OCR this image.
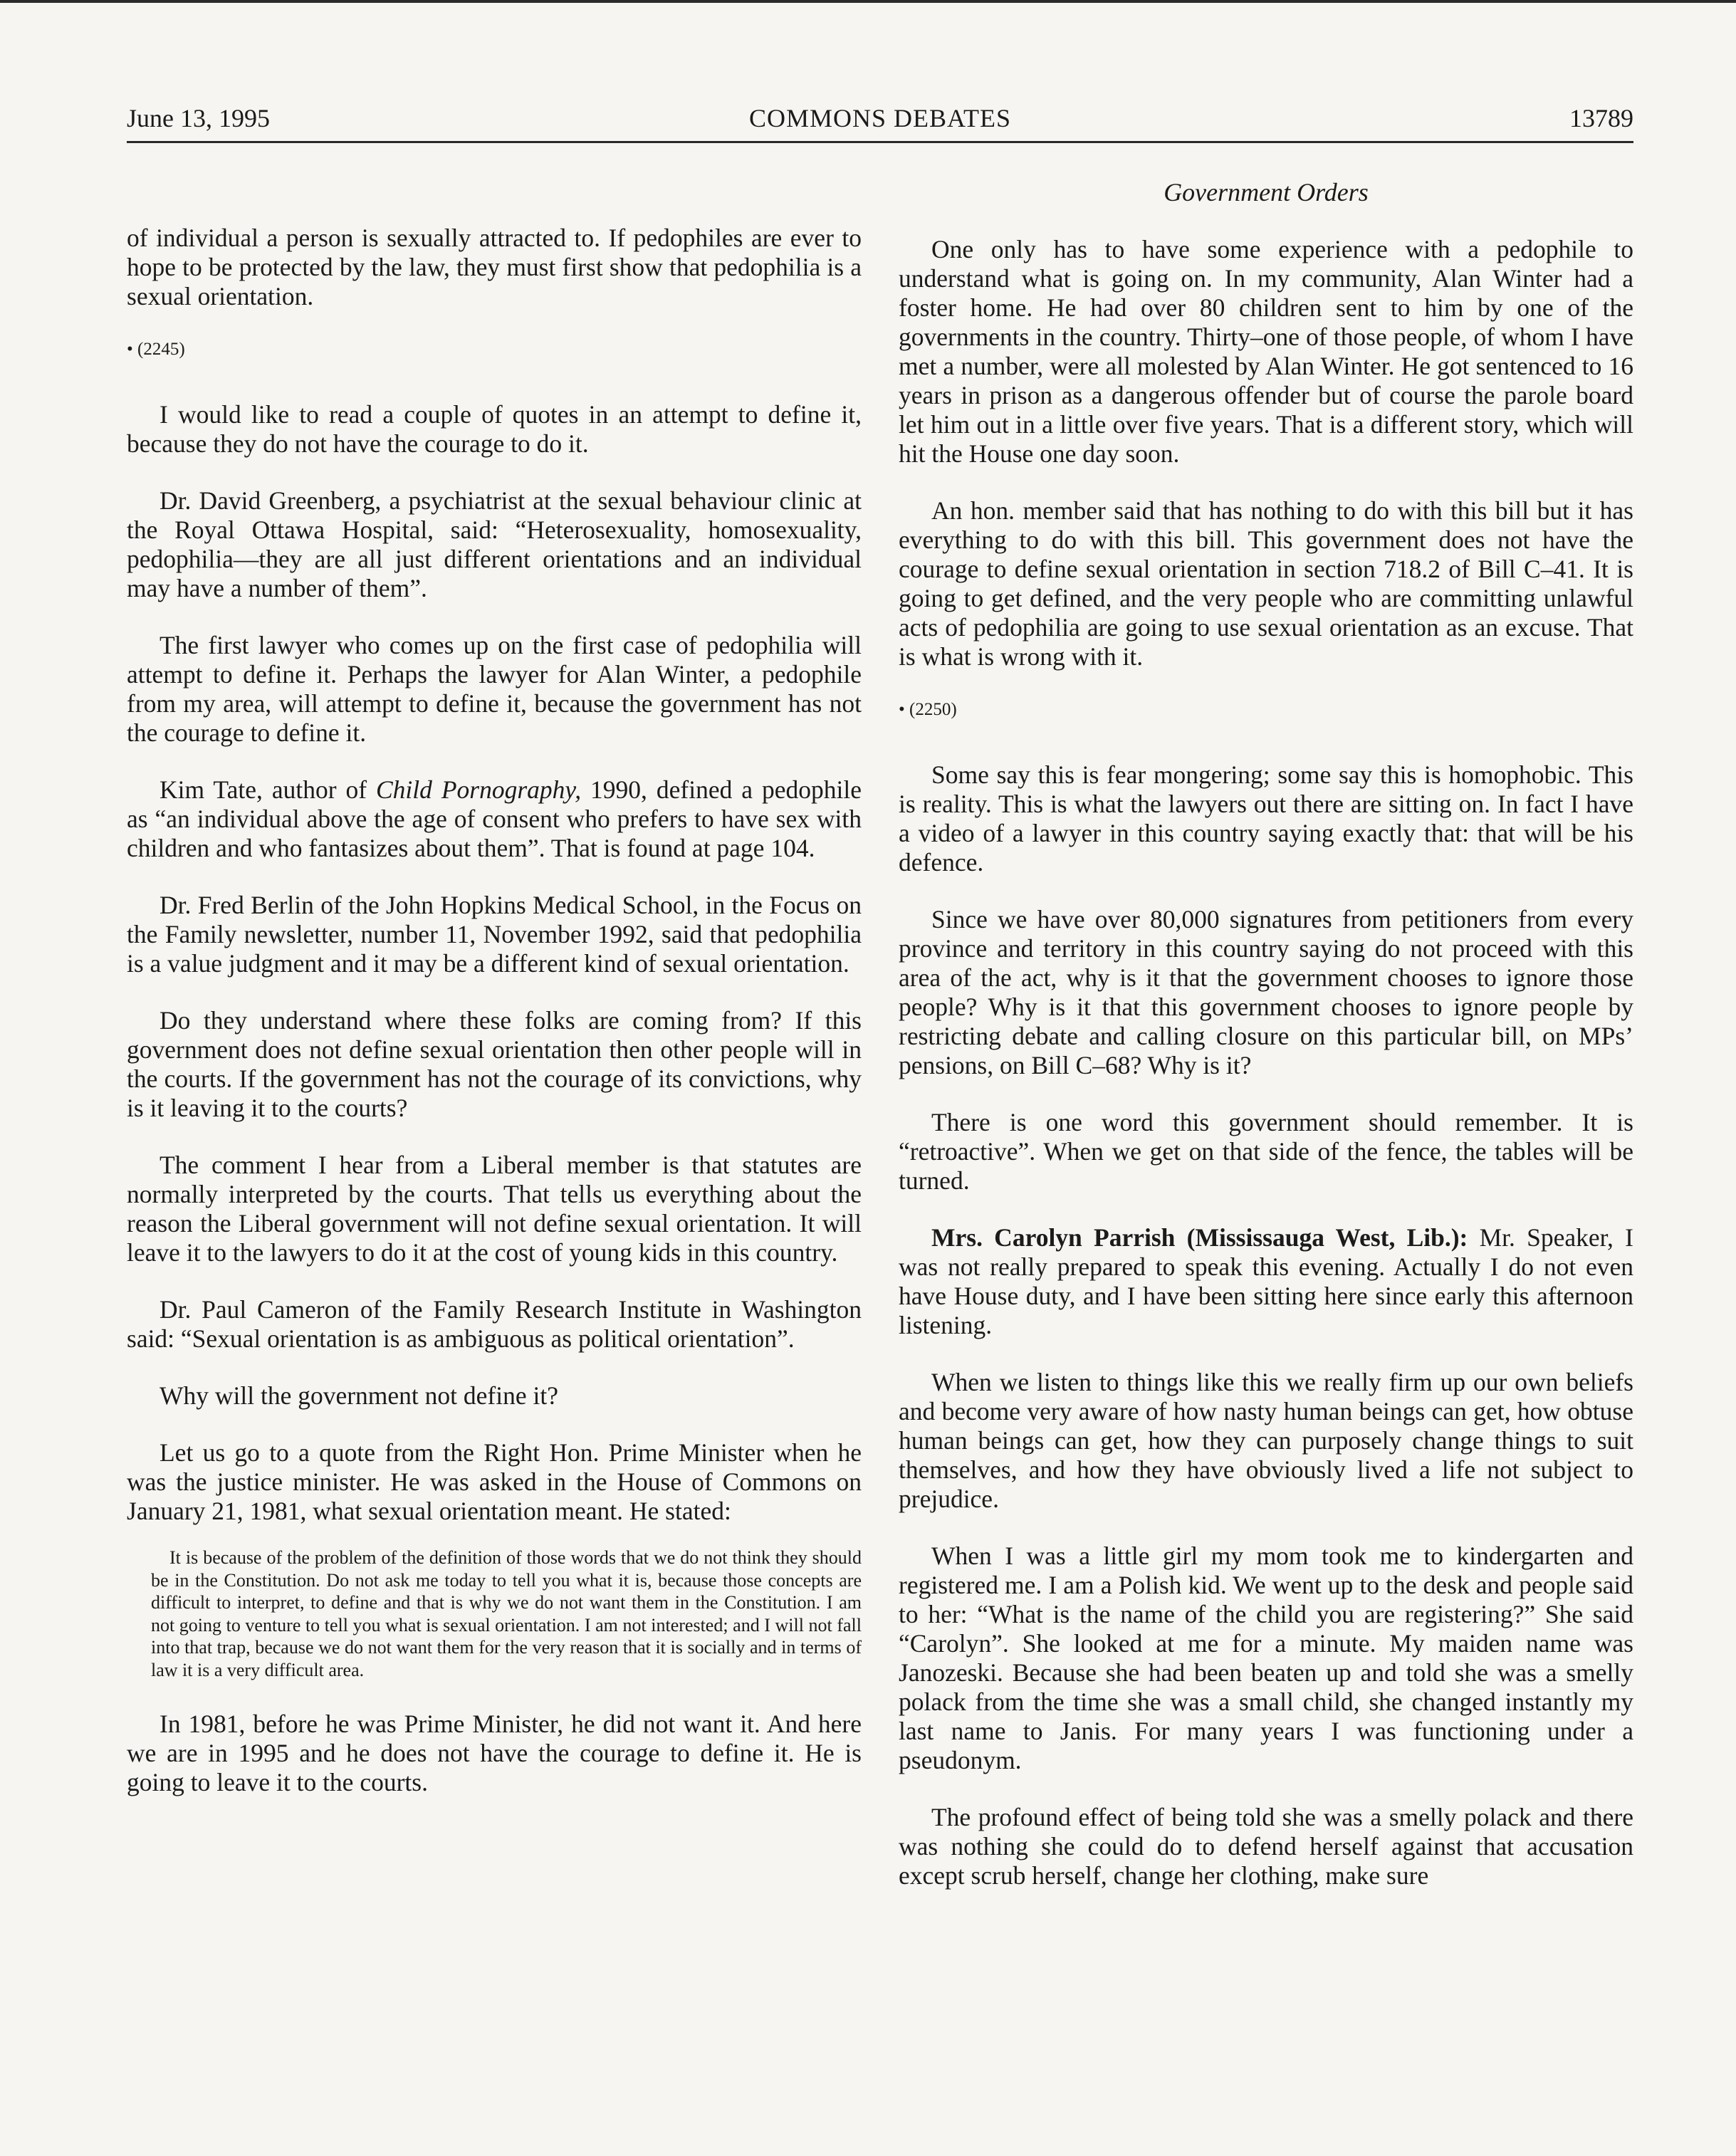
June 13, 1995	COMMONS DEBATES	13789
Government Orders

of individual a person is sexually attracted to. If pedophiles are ever to hope to be protected by the law, they must first show that pedophilia is a sexual orientation.

• (2245)

I would like to read a couple of quotes in an attempt to define it, because they do not have the courage to do it.

Dr. David Greenberg, a psychiatrist at the sexual behaviour clinic at the Royal Ottawa Hospital, said: “Heterosexuality, homosexuality, pedophilia—they are all just different orientations and an individual may have a number of them”.

The first lawyer who comes up on the first case of pedophilia will attempt to define it. Perhaps the lawyer for Alan Winter, a pedophile from my area, will attempt to define it, because the government has not the courage to define it.

Kim Tate, author of Child Pornography, 1990, defined a pedophile as “an individual above the age of consent who prefers to have sex with children and who fantasizes about them”. That is found at page 104.

Dr. Fred Berlin of the John Hopkins Medical School, in the Focus on the Family newsletter, number 11, November 1992, said that pedophilia is a value judgment and it may be a different kind of sexual orientation.

Do they understand where these folks are coming from? If this government does not define sexual orientation then other people will in the courts. If the government has not the courage of its convictions, why is it leaving it to the courts?

The comment I hear from a Liberal member is that statutes are normally interpreted by the courts. That tells us everything about the reason the Liberal government will not define sexual orientation. It will leave it to the lawyers to do it at the cost of young kids in this country.

Dr. Paul Cameron of the Family Research Institute in Washington said: “Sexual orientation is as ambiguous as political orientation”.

Why will the government not define it?

Let us go to a quote from the Right Hon. Prime Minister when he was the justice minister. He was asked in the House of Commons on January 21, 1981, what sexual orientation meant. He stated:

It is because of the problem of the definition of those words that we do not think they should be in the Constitution. Do not ask me today to tell you what it is, because those concepts are difficult to interpret, to define and that is why we do not want them in the Constitution. I am not going to venture to tell you what is sexual orientation. I am not interested; and I will not fall into that trap, because we do not want them for the very reason that it is socially and in terms of law it is a very difficult area.

In 1981, before he was Prime Minister, he did not want it. And here we are in 1995 and he does not have the courage to define it. He is going to leave it to the courts.

One only has to have some experience with a pedophile to understand what is going on. In my community, Alan Winter had a foster home. He had over 80 children sent to him by one of the governments in the country. Thirty–one of those people, of whom I have met a number, were all molested by Alan Winter. He got sentenced to 16 years in prison as a dangerous offender but of course the parole board let him out in a little over five years. That is a different story, which will hit the House one day soon.

An hon. member said that has nothing to do with this bill but it has everything to do with this bill. This government does not have the courage to define sexual orientation in section 718.2 of Bill C–41. It is going to get defined, and the very people who are committing unlawful acts of pedophilia are going to use sexual orientation as an excuse. That is what is wrong with it.

• (2250)

Some say this is fear mongering; some say this is homophobic. This is reality. This is what the lawyers out there are sitting on. In fact I have a video of a lawyer in this country saying exactly that: that will be his defence.

Since we have over 80,000 signatures from petitioners from every province and territory in this country saying do not proceed with this area of the act, why is it that the government chooses to ignore those people? Why is it that this government chooses to ignore people by restricting debate and calling closure on this particular bill, on MPs’ pensions, on Bill C–68? Why is it?

There is one word this government should remember. It is “retroactive”. When we get on that side of the fence, the tables will be turned.

Mrs. Carolyn Parrish (Mississauga West, Lib.): Mr. Speaker, I was not really prepared to speak this evening. Actually I do not even have House duty, and I have been sitting here since early this afternoon listening.

When we listen to things like this we really firm up our own beliefs and become very aware of how nasty human beings can get, how obtuse human beings can get, how they can purposely change things to suit themselves, and how they have obviously lived a life not subject to prejudice.

When I was a little girl my mom took me to kindergarten and registered me. I am a Polish kid. We went up to the desk and people said to her: “What is the name of the child you are registering?” She said “Carolyn”. She looked at me for a minute. My maiden name was Janozeski. Because she had been beaten up and told she was a smelly polack from the time she was a small child, she changed instantly my last name to Janis. For many years I was functioning under a pseudonym.

The profound effect of being told she was a smelly polack and there was nothing she could do to defend herself against that accusation except scrub herself, change her clothing, make sure
